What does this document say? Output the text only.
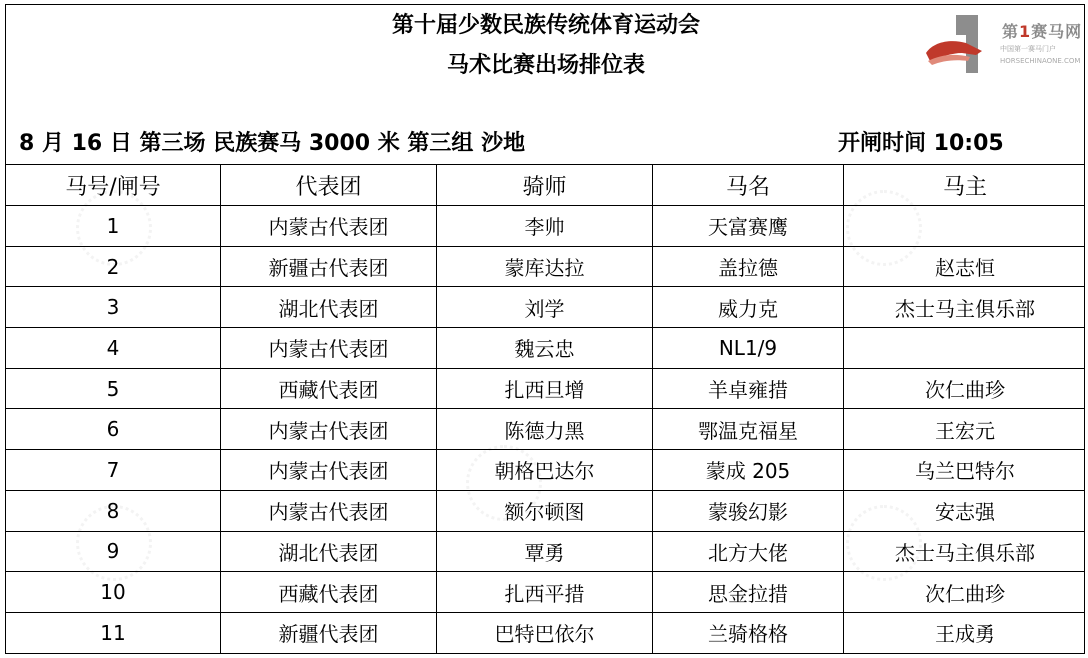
第十届少数民族传统体育运动会
马术比赛出场排位表
第1赛马网
中国第一赛马门户
HORSECHINAONE.COM
8 月 16 日 第三场 民族赛马 3000 米 第三组 沙地	开闸时间 10:05
马号/闸号	代表团	骑师	马名	马主
1	内蒙古代表团	李帅	天富赛鹰	
2	新疆古代表团	蒙库达拉	盖拉德	赵志恒
3	湖北代表团	刘学	威力克	杰士马主俱乐部
4	内蒙古代表团	魏云忠	NL1/9	
5	西藏代表团	扎西旦增	羊卓雍措	次仁曲珍
6	内蒙古代表团	陈德力黑	鄂温克福星	王宏元
7	内蒙古代表团	朝格巴达尔	蒙成 205	乌兰巴特尔
8	内蒙古代表团	额尔顿图	蒙骏幻影	安志强
9	湖北代表团	覃勇	北方大佬	杰士马主俱乐部
10	西藏代表团	扎西平措	思金拉措	次仁曲珍
11	新疆代表团	巴特巴依尔	兰骑格格	王成勇
